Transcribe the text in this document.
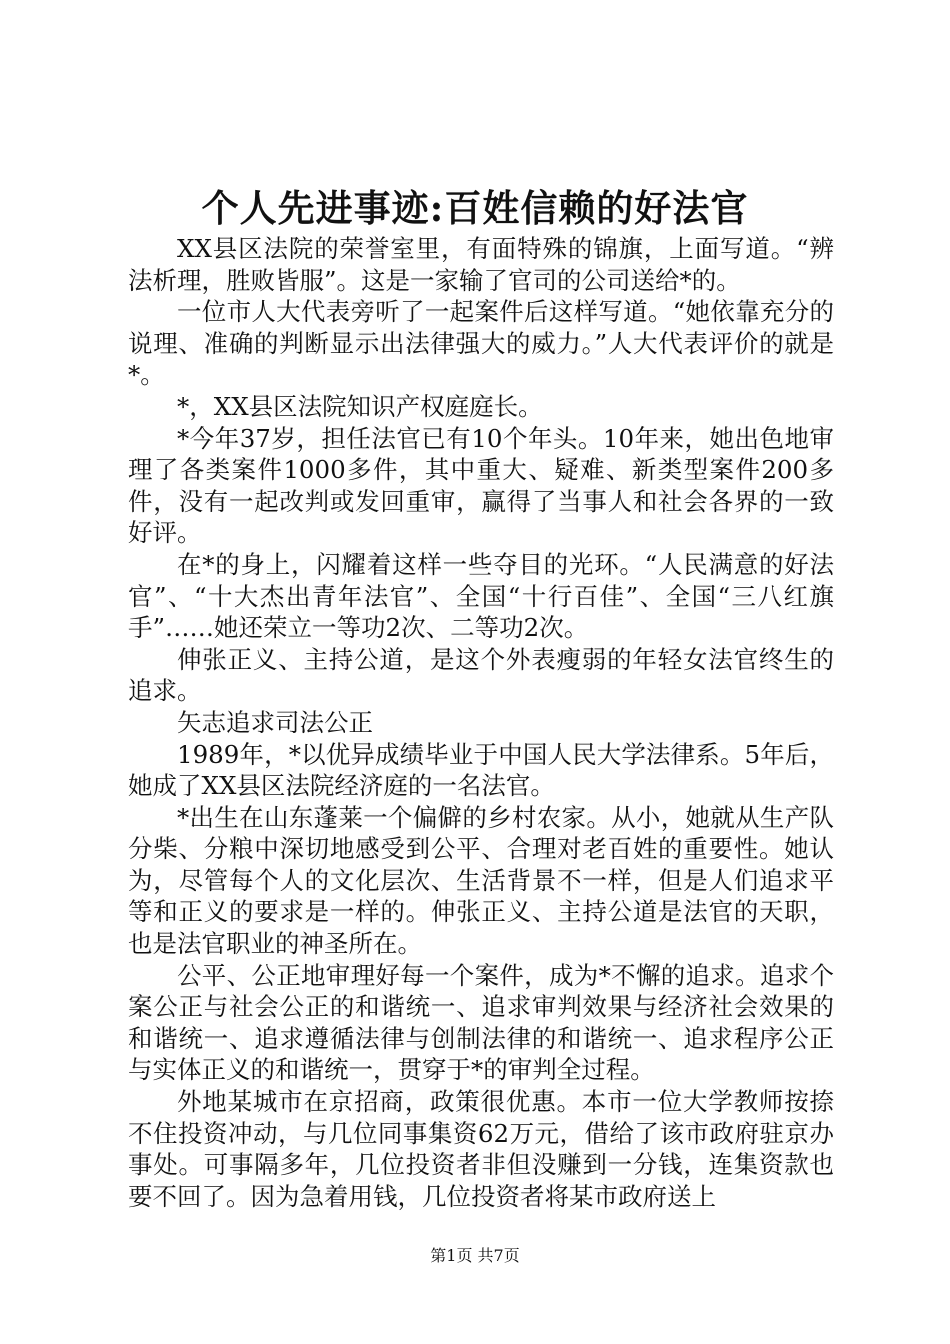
个人先进事迹:百姓信赖的好法官

XX县区法院的荣誉室里，有面特殊的锦旗，上面写道。“辨法析理，胜败皆服”。这是一家输了官司的公司送给*的。

一位市人大代表旁听了一起案件后这样写道。“她依靠充分的说理、准确的判断显示出法律强大的威力。”人大代表评价的就是*。

*，XX县区法院知识产权庭庭长。

*今年37岁，担任法官已有10个年头。10年来，她出色地审理了各类案件1000多件，其中重大、疑难、新类型案件200多件，没有一起改判或发回重审，赢得了当事人和社会各界的一致好评。

在*的身上，闪耀着这样一些夺目的光环。“人民满意的好法官”、“十大杰出青年法官”、全国“十行百佳”、全国“三八红旗手”……她还荣立一等功2次、二等功2次。

伸张正义、主持公道，是这个外表瘦弱的年轻女法官终生的追求。

矢志追求司法公正

1989年，*以优异成绩毕业于中国人民大学法律系。5年后，她成了XX县区法院经济庭的一名法官。

*出生在山东蓬莱一个偏僻的乡村农家。从小，她就从生产队分柴、分粮中深切地感受到公平、合理对老百姓的重要性。她认为，尽管每个人的文化层次、生活背景不一样，但是人们追求平等和正义的要求是一样的。伸张正义、主持公道是法官的天职，也是法官职业的神圣所在。

公平、公正地审理好每一个案件，成为*不懈的追求。追求个案公正与社会公正的和谐统一、追求审判效果与经济社会效果的和谐统一、追求遵循法律与创制法律的和谐统一、追求程序公正与实体正义的和谐统一，贯穿于*的审判全过程。

外地某城市在京招商，政策很优惠。本市一位大学教师按捺不住投资冲动，与几位同事集资62万元，借给了该市政府驻京办事处。可事隔多年，几位投资者非但没赚到一分钱，连集资款也要不回了。因为急着用钱，几位投资者将某市政府送上

第1页 共7页
